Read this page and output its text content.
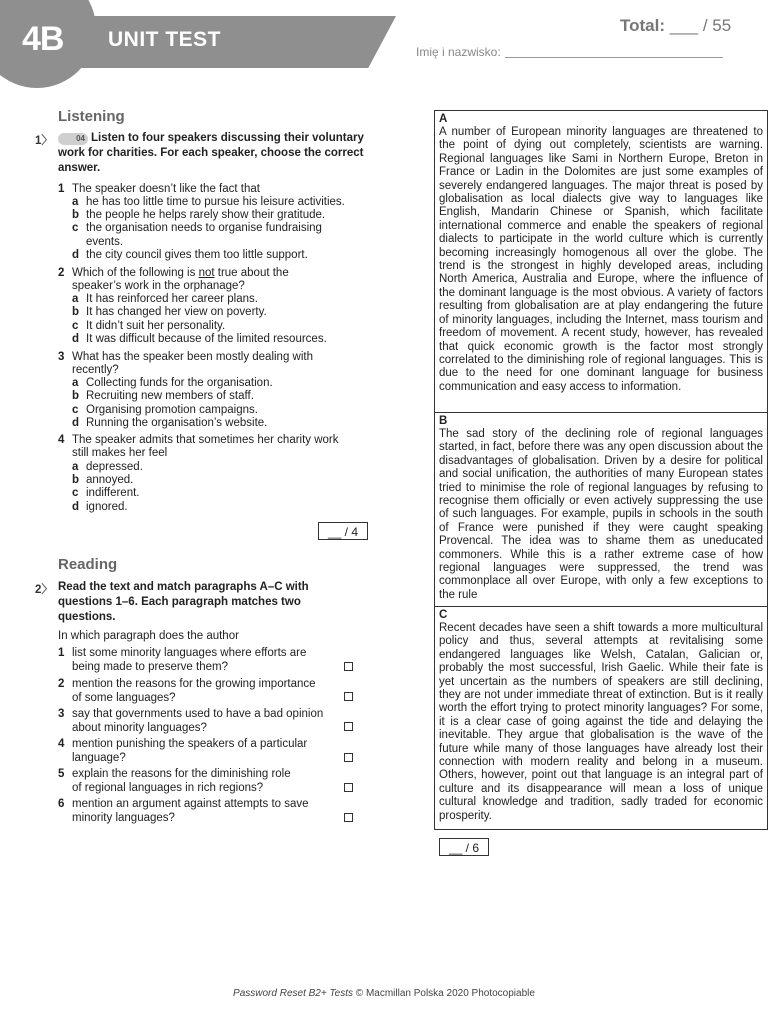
4B UNIT TEST
Total: ___ / 55
Imię i nazwisko:
Listening
1〉	04 Listen to four speakers discussing their voluntary work for charities. For each speaker, choose the correct answer.
1 The speaker doesn’t like the fact that
a he has too little time to pursue his leisure activities.
b the people he helps rarely show their gratitude.
c the organisation needs to organise fundraising
events.
d the city council gives them too little support.
2 Which of the following is not true about the
speaker’s work in the orphanage?
a It has reinforced her career plans.
b It has changed her view on poverty.
c It didn’t suit her personality.
d It was difficult because of the limited resources.
3 What has the speaker been mostly dealing with
recently?
a Collecting funds for the organisation.
b Recruiting new members of staff.
c Organising promotion campaigns.
d Running the organisation’s website.
4 The speaker admits that sometimes her charity work
still makes her feel
a depressed.
b annoyed.
c indifferent.
d ignored.
__ / 4
Reading
2〉 Read the text and match paragraphs A–C with questions 1–6. Each paragraph matches two questions.
In which paragraph does the author
1 list some minority languages where efforts are
being made to preserve them?
2 mention the reasons for the growing importance
of some languages?
3 say that governments used to have a bad opinion
about minority languages?
4 mention punishing the speakers of a particular
language?
5 explain the reasons for the diminishing role
of regional languages in rich regions?
6 mention an argument against attempts to save
minority languages?
A
A number of European minority languages are threatened to the point of dying out completely, scientists are warning. Regional languages like Sami in Northern Europe, Breton in France or Ladin in the Dolomites are just some examples of severely endangered languages. The major threat is posed by globalisation as local dialects give way to languages like English, Mandarin Chinese or Spanish, which facilitate international commerce and enable the speakers of regional dialects to participate in the world culture which is currently becoming increasingly homogenous all over the globe. The trend is the strongest in highly developed areas, including North America, Australia and Europe, where the influence of the dominant language is the most obvious. A variety of factors resulting from globalisation are at play endangering the future of minority languages, including the Internet, mass tourism and freedom of movement. A recent study, however, has revealed that quick economic growth is the factor most strongly correlated to the diminishing role of regional languages. This is due to the need for one dominant language for business communication and easy access to information.
B
The sad story of the declining role of regional languages started, in fact, before there was any open discussion about the disadvantages of globalisation. Driven by a desire for political and social unification, the authorities of many European states tried to minimise the role of regional languages by refusing to recognise them officially or even actively suppressing the use of such languages. For example, pupils in schools in the south of France were punished if they were caught speaking Provencal. The idea was to shame them as uneducated commoners. While this is a rather extreme case of how regional languages were suppressed, the trend was commonplace all over Europe, with only a few exceptions to the rule
C
Recent decades have seen a shift towards a more multicultural policy and thus, several attempts at revitalising some endangered languages like Welsh, Catalan, Galician or, probably the most successful, Irish Gaelic. While their fate is yet uncertain as the numbers of speakers are still declining, they are not under immediate threat of extinction. But is it really worth the effort trying to protect minority languages? For some, it is a clear case of going against the tide and delaying the inevitable. They argue that globalisation is the wave of the future while many of those languages have already lost their connection with modern reality and belong in a museum. Others, however, point out that language is an integral part of culture and its disappearance will mean a loss of unique cultural knowledge and tradition, sadly traded for economic prosperity.
__ / 6
Password Reset B2+ Tests © Macmillan Polska 2020 Photocopiable
